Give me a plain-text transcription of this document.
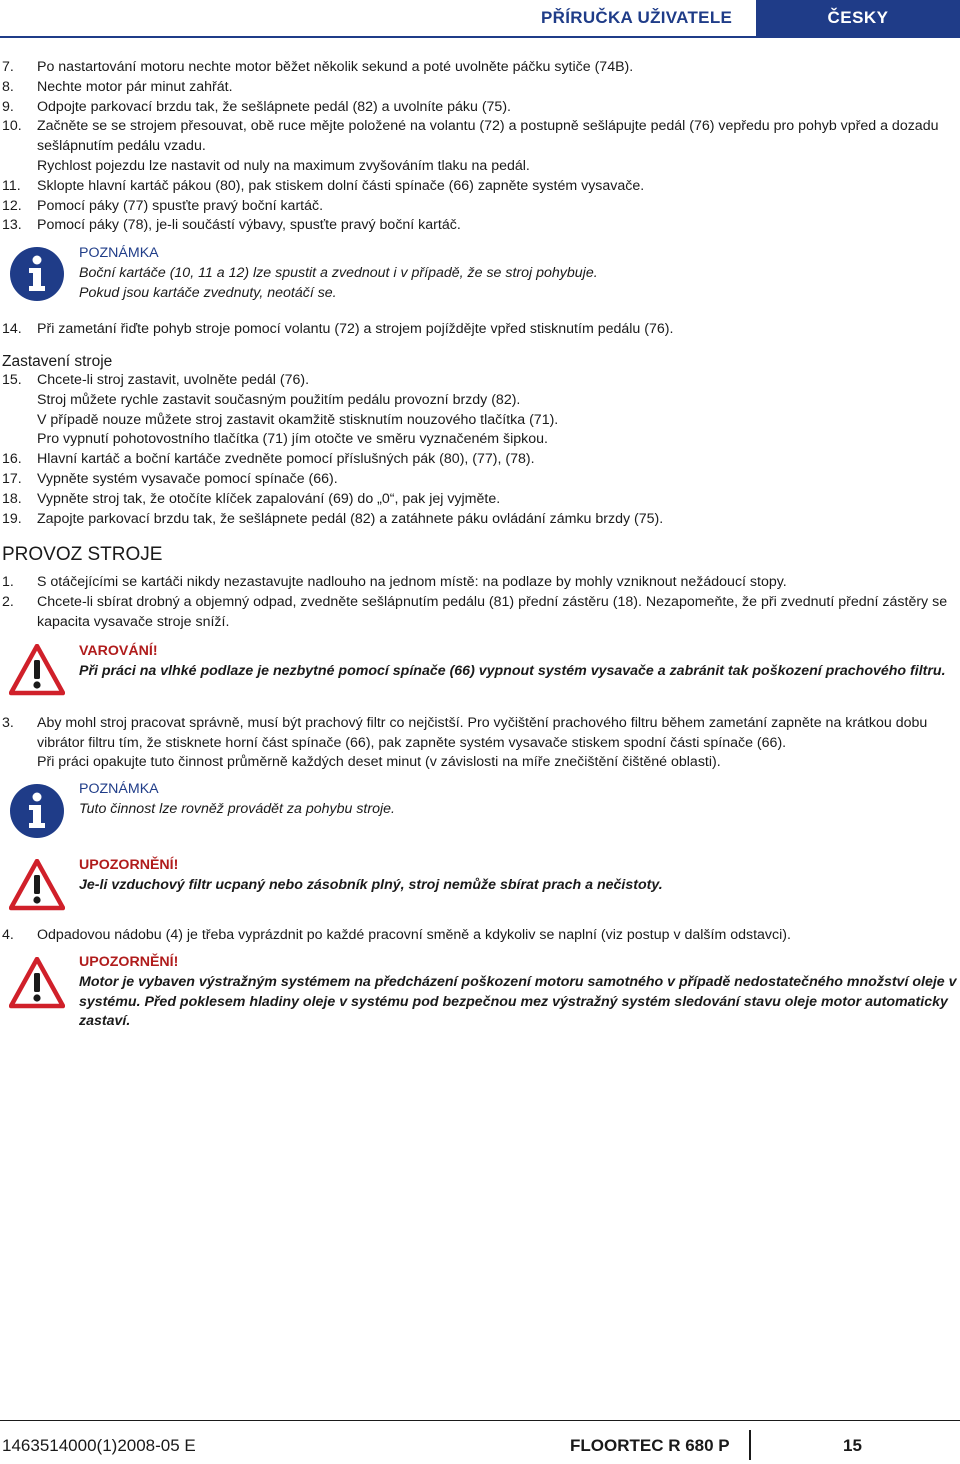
PŘÍRUČKA UŽIVATELE	ČESKY
7. Po nastartování motoru nechte motor běžet několik sekund a poté uvolněte páčku sytiče (74B).
8. Nechte motor pár minut zahřát.
9. Odpojte parkovací brzdu tak, že sešlápnete pedál (82) a uvolníte páku (75).
10. Začněte se se strojem přesouvat, obě ruce mějte položené na volantu (72) a postupně sešlápujte pedál (76) vepředu pro pohyb vpřed a dozadu sešlápnutím pedálu vzadu.
Rychlost pojezdu lze nastavit od nuly na maximum zvyšováním tlaku na pedál.
11. Sklopte hlavní kartáč pákou (80), pak stiskem dolní části spínače (66) zapněte systém vysavače.
12. Pomocí páky (77) spusťte pravý boční kartáč.
13. Pomocí páky (78), je-li součástí výbavy, spusťte pravý boční kartáč.
POZNÁMKA
Boční kartáče (10, 11 a 12) lze spustit a zvednout i v případě, že se stroj pohybuje.
Pokud jsou kartáče zvednuty, neotáčí se.
14. Při zametání řiďte pohyb stroje pomocí volantu (72) a strojem pojíždějte vpřed stisknutím pedálu (76).
Zastavení stroje
15. Chcete-li stroj zastavit, uvolněte pedál (76).
Stroj můžete rychle zastavit současným použitím pedálu provozní brzdy (82).
V případě nouze můžete stroj zastavit okamžitě stisknutím nouzového tlačítka (71).
Pro vypnutí pohotovostního tlačítka (71) jím otočte ve směru vyznačeném šipkou.
16. Hlavní kartáč a boční kartáče zvedněte pomocí příslušných pák (80), (77), (78).
17. Vypněte systém vysavače pomocí spínače (66).
18. Vypněte stroj tak, že otočíte klíček zapalování (69) do „0“, pak jej vyjměte.
19. Zapojte parkovací brzdu tak, že sešlápnete pedál (82) a zatáhnete páku ovládání zámku brzdy (75).
PROVOZ STROJE
1. S otáčejícími se kartáči nikdy nezastavujte nadlouho na jednom místě: na podlaze by mohly vzniknout nežádoucí stopy.
2. Chcete-li sbírat drobný a objemný odpad, zvedněte sešlápnutím pedálu (81) přední zástěru (18). Nezapomeňte, že při zvednutí přední zástěry se kapacita vysavače stroje sníží.
VAROVÁNÍ!
Při práci na vlhké podlaze je nezbytné pomocí spínače (66) vypnout systém vysavače a zabránit tak poškození prachového filtru.
3. Aby mohl stroj pracovat správně, musí být prachový filtr co nejčistší. Pro vyčištění prachového filtru během zametání zapněte na krátkou dobu vibrátor filtru tím, že stisknete horní část spínače (66), pak zapněte systém vysavače stiskem spodní části spínače (66).
Při práci opakujte tuto činnost průměrně každých deset minut (v závislosti na míře znečištění čištěné oblasti).
POZNÁMKA
Tuto činnost lze rovněž provádět za pohybu stroje.
UPOZORNĚNÍ!
Je-li vzduchový filtr ucpaný nebo zásobník plný, stroj nemůže sbírat prach a nečistoty.
4. Odpadovou nádobu (4) je třeba vyprázdnit po každé pracovní směně a kdykoliv se naplní (viz postup v dalším odstavci).
UPOZORNĚNÍ!
Motor je vybaven výstražným systémem na předcházení poškození motoru samotného v případě nedostatečného množství oleje v systému. Před poklesem hladiny oleje v systému pod bezpečnou mez výstražný systém sledování stavu oleje motor automaticky zastaví.
1463514000(1)2008-05 E	FLOORTEC R 680 P	15
